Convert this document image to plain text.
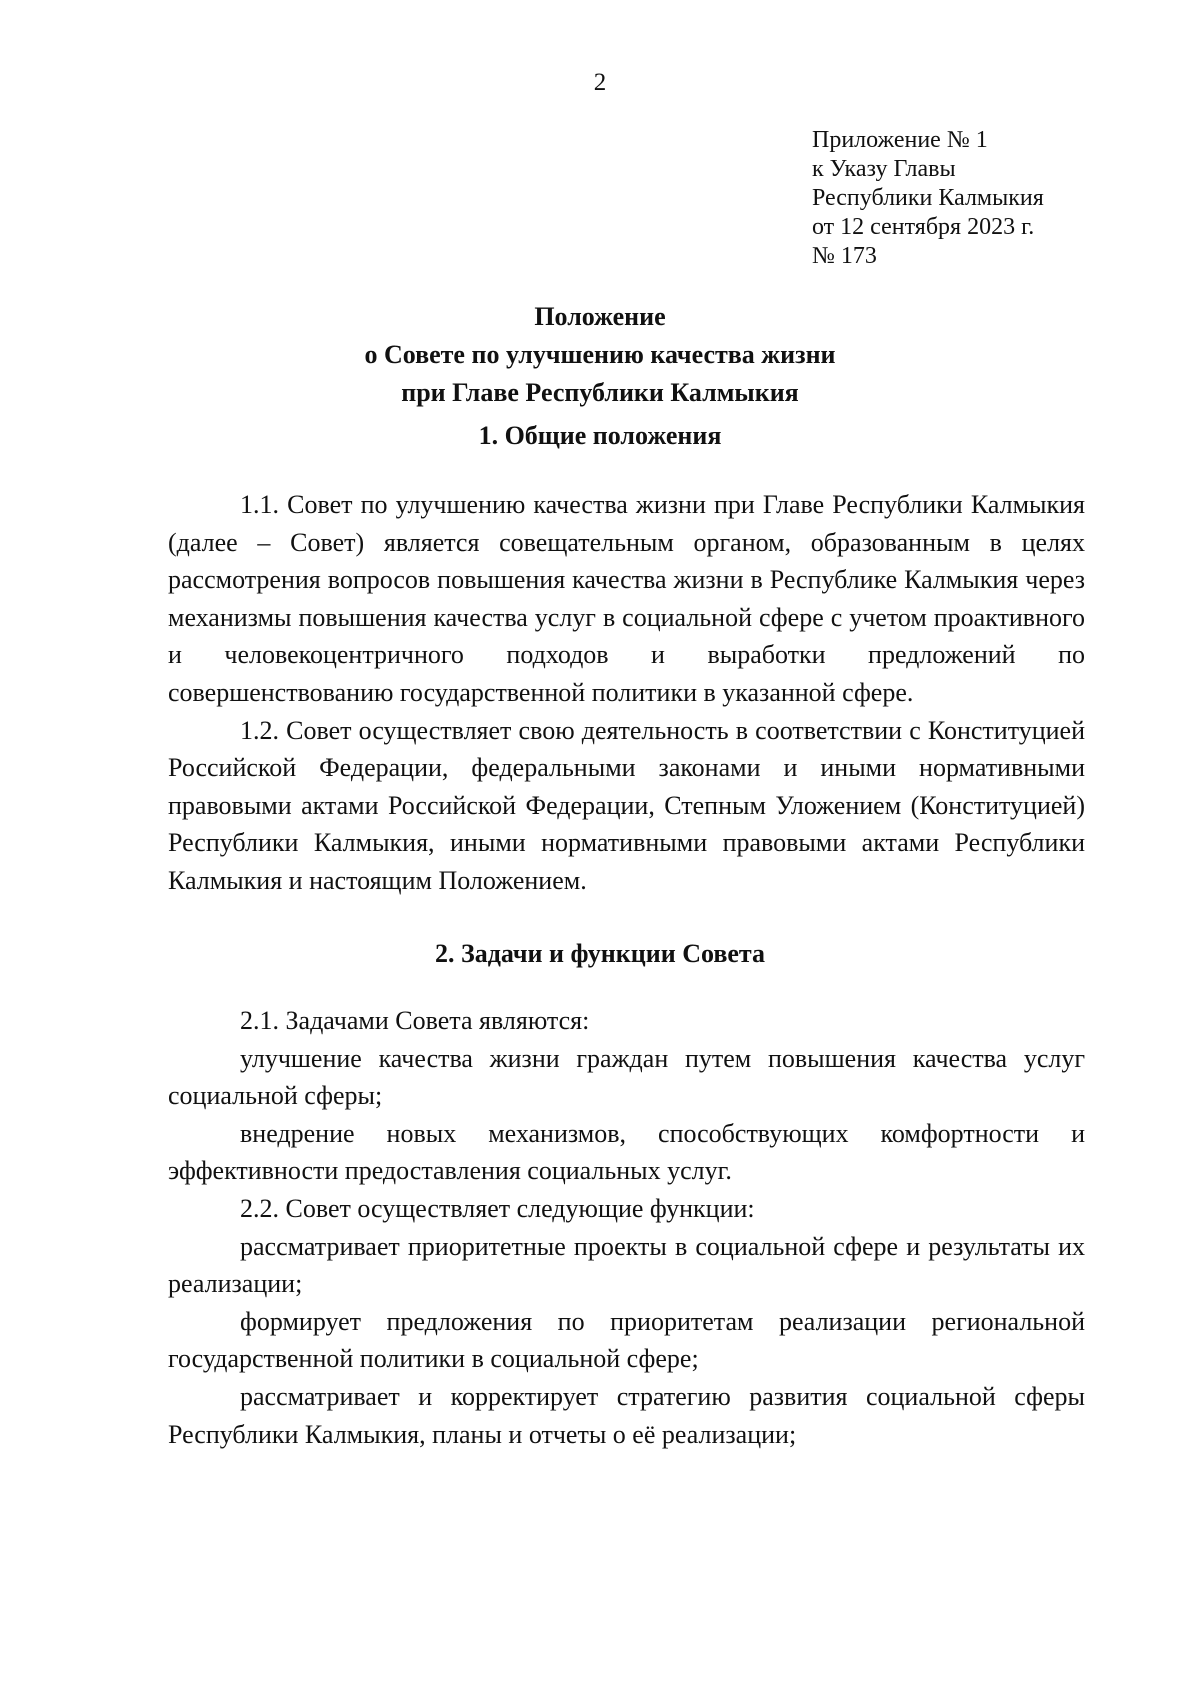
2
Приложение № 1
к Указу Главы
Республики Калмыкия
от 12 сентября 2023 г.
№ 173
Положение
о Совете по улучшению качества жизни
при Главе Республики Калмыкия
1. Общие положения

1.1. Совет по улучшению качества жизни при Главе Республики Калмыкия (далее – Совет) является совещательным органом, образованным в целях рассмотрения вопросов повышения качества жизни в Республике Калмыкия через механизмы повышения качества услуг в социальной сфере с учетом проактивного и человекоцентричного подходов и выработки предложений по совершенствованию государственной политики в указанной сфере.

1.2. Совет осуществляет свою деятельность в соответствии с Конституцией Российской Федерации, федеральными законами и иными нормативными правовыми актами Российской Федерации, Степным Уложением (Конституцией) Республики Калмыкия, иными нормативными правовыми актами Республики Калмыкия и настоящим Положением.

2. Задачи и функции Совета

2.1. Задачами Совета являются:

улучшение качества жизни граждан путем повышения качества услуг социальной сферы;

внедрение новых механизмов, способствующих комфортности и эффективности предоставления социальных услуг.

2.2. Совет осуществляет следующие функции:

рассматривает приоритетные проекты в социальной сфере и результаты их реализации;

формирует предложения по приоритетам реализации региональной государственной политики в социальной сфере;

рассматривает и корректирует стратегию развития социальной сферы Республики Калмыкия, планы и отчеты о её реализации;
